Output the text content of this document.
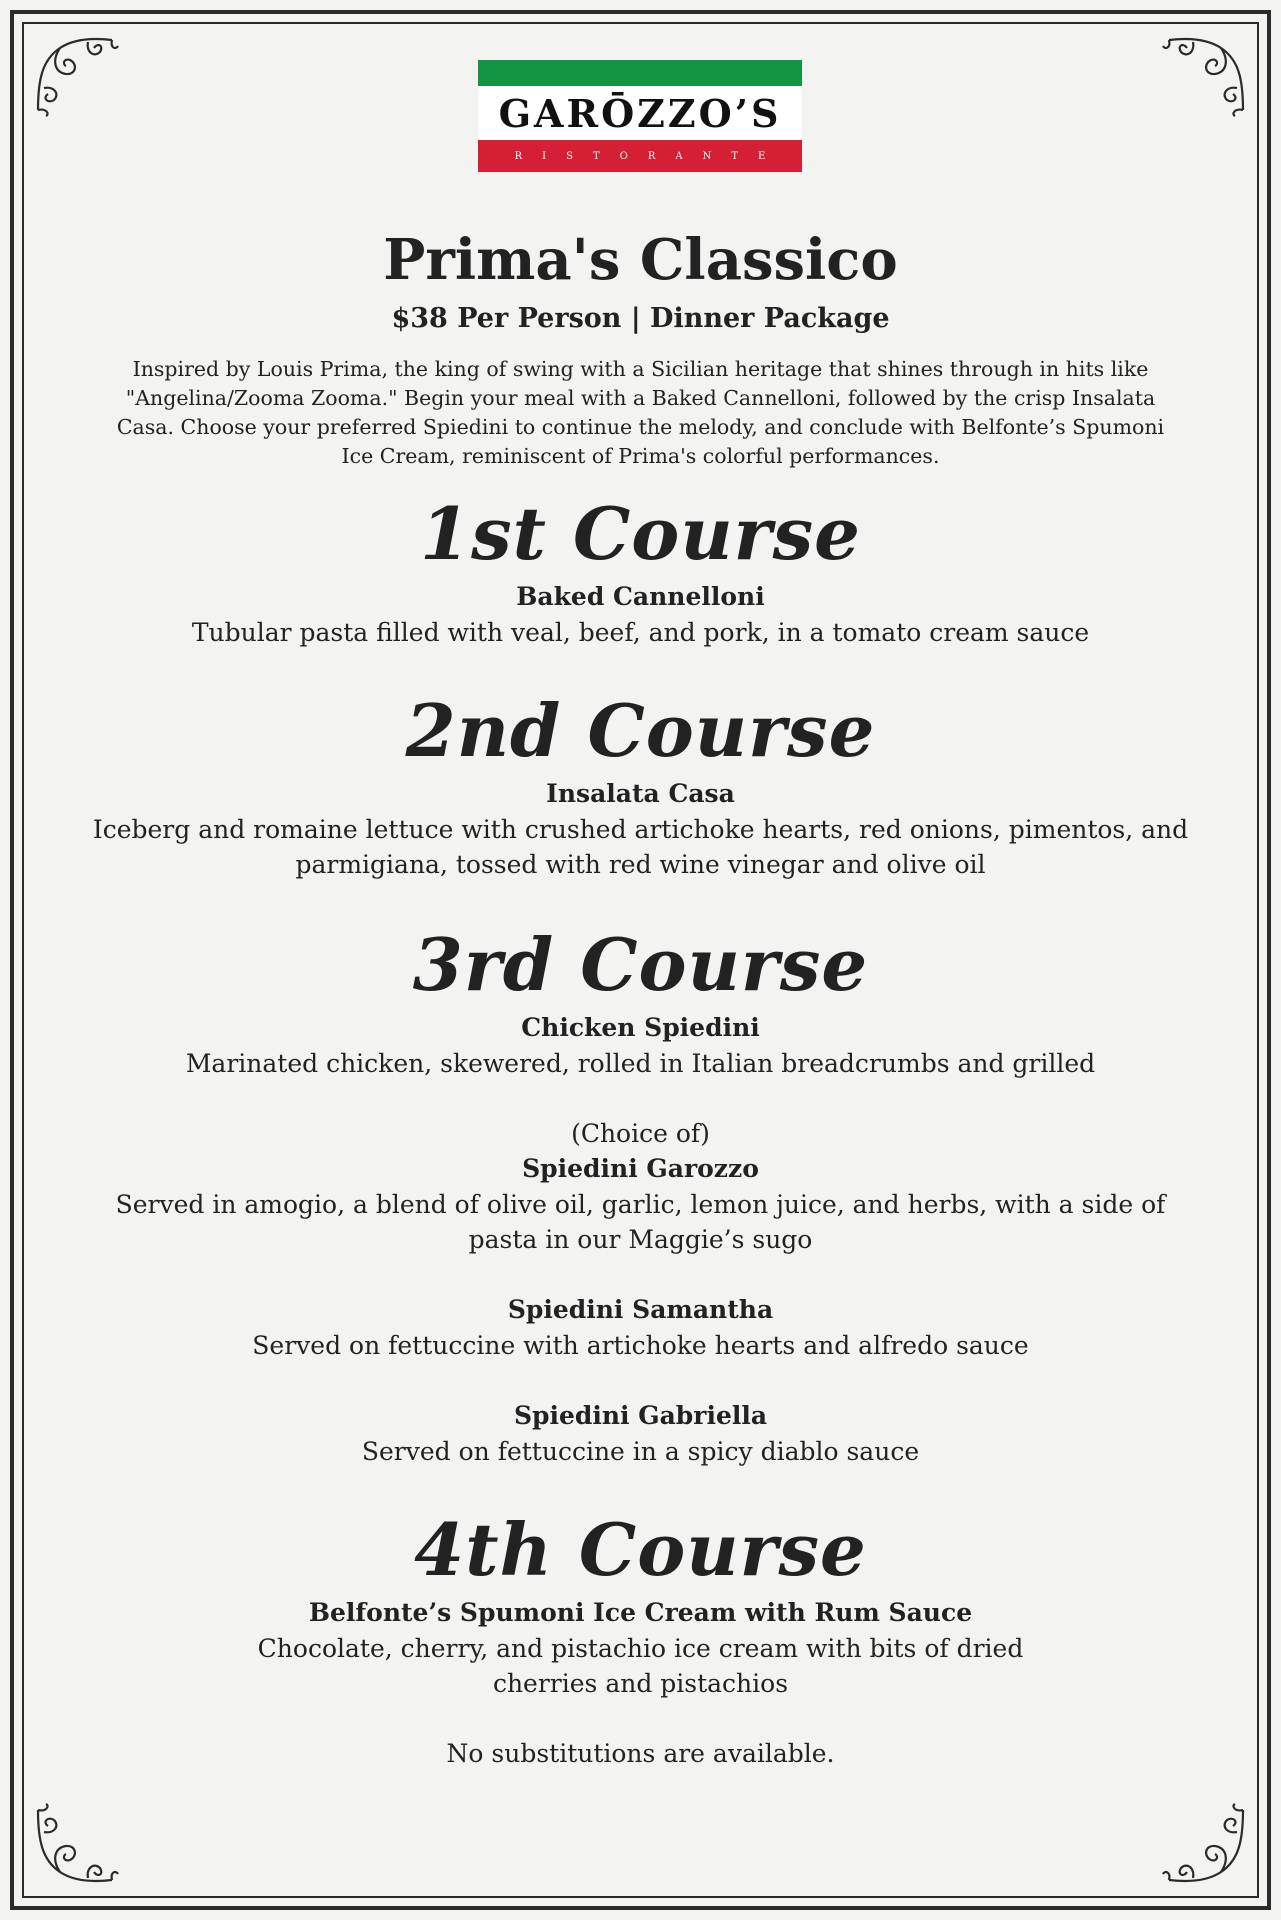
GARŌZZO’S
RISTORANTE
Prima's Classico
$38 Per Person | Dinner Package
Inspired by Louis Prima, the king of swing with a Sicilian heritage that shines through in hits like "Angelina/Zooma Zooma." Begin your meal with a Baked Cannelloni, followed by the crisp Insalata Casa. Choose your preferred Spiedini to continue the melody, and conclude with Belfonte’s Spumoni Ice Cream, reminiscent of Prima's colorful performances.
1st Course
Baked Cannelloni
Tubular pasta filled with veal, beef, and pork, in a tomato cream sauce
2nd Course
Insalata Casa
Iceberg and romaine lettuce with crushed artichoke hearts, red onions, pimentos, and parmigiana, tossed with red wine vinegar and olive oil
3rd Course
Chicken Spiedini
Marinated chicken, skewered, rolled in Italian breadcrumbs and grilled
(Choice of)
Spiedini Garozzo
Served in amogio, a blend of olive oil, garlic, lemon juice, and herbs, with a side of pasta in our Maggie’s sugo
Spiedini Samantha
Served on fettuccine with artichoke hearts and alfredo sauce
Spiedini Gabriella
Served on fettuccine in a spicy diablo sauce
4th Course
Belfonte’s Spumoni Ice Cream with Rum Sauce
Chocolate, cherry, and pistachio ice cream with bits of dried cherries and pistachios
No substitutions are available.
